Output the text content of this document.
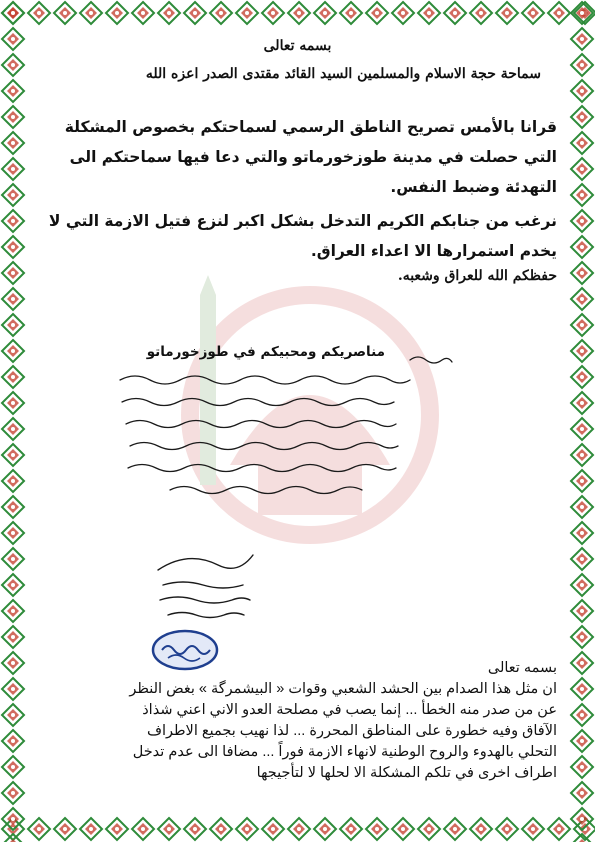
بسمه تعالى
سماحة حجة الاسلام والمسلمين السيد القائد مقتدى الصدر اعزه الله
قرانا بالأمس تصريح الناطق الرسمي لسماحتكم بخصوص المشكلة التي حصلت في مدينة طوزخورماتو والتي دعا فيها سماحتكم الى التهدئة وضبط النفس.
نرغب من جنابكم الكريم التدخل بشكل اكبر لنزع فتيل الازمة التي لا يخدم استمرارها الا اعداء العراق.
حفظكم الله للعراق وشعبه.
مناصريكم ومحبيكم في طوزخورماتو
بسمه تعالى
ان مثل هذا الصدام بين الحشد الشعبي وقوات « البيشمرگة » بغض النظر
عن من صدر منه الخطأ ... إنما يصب في مصلحة العدو الاني اعني شذاذ
الآفاق وفيه خطورة على المناطق المحررة ... لذا نهيب بجميع الاطراف
التحلي بالهدوء والروح الوطنية لانهاء الازمة فوراً ... مضافا الى عدم تدخل
اطراف اخرى في تلكم المشكلة الا لحلها لا لتأجيجها
